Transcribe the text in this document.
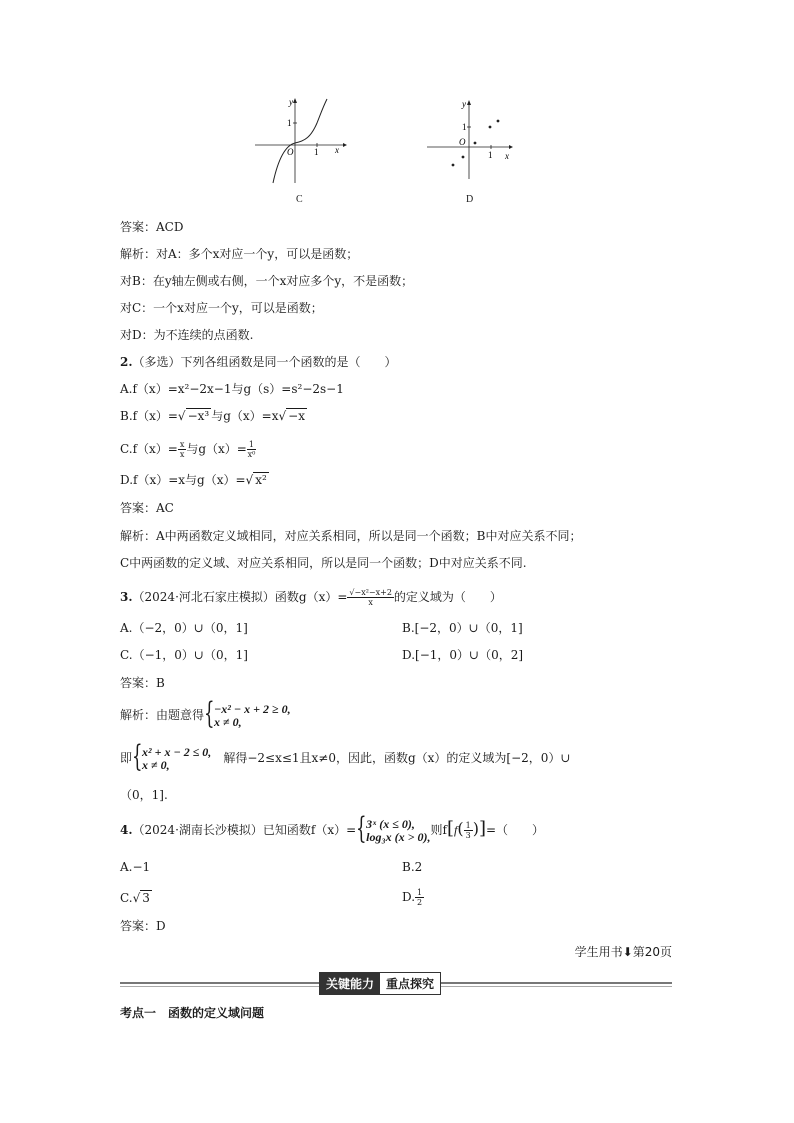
y
1
O 1 x
C
y
1
O
1 x
D
答案：ACD
解析：对A：多个x对应一个y，可以是函数；
对B：在y轴左侧或右侧，一个x对应多个y，不是函数；
对C：一个x对应一个y，可以是函数；
对D：为不连续的点函数.
2.（多选）下列各组函数是同一个函数的是（　　）
A.f（x）=x²−2x−1与g（s）=s²−2s−1
B.f（x）=√ −x³ 与g（x）=x√ −x
$C.f(x)= \frac{x}{x}$ 与$g(x)= \frac{1}{\text{x⁰}}$
D.f（x）=x与g（x）=√ x²
答案：AC
解析：A中两函数定义域相同，对应关系相同，所以是同一个函数；B中对应关系不同；
C中两函数的定义域、对应关系相同，所以是同一个函数；D中对应关系不同.
3.（2024·河北石家庄模拟）函数$g(x)= \frac{\text{√−x²−x+2}}{x}$ 的定义域为（　　）
A.（−2，0）∪（0，1]	B.[−2，0）∪（0，1]
C.（−1，0）∪（0，1]	D.[−1，0）∪（0，2]
答案：B
解析：由题意得 { −x² − x + 2 ≥ 0,
x ≠ 0,
即 { x² + x − 2 ≤ 0,
x ≠ 0,
　	解得−2≤x≤1且x≠0，因此，函数g（x）的定义域为[−2，0）∪
（0，1].
4.（2024·湖南长沙模拟）已知函数f（x）= { 3ˣ (x ≤ 0),
log₃x (x > 0), 则$f[f( \frac{1}{3}$ )]=（　　）
A.−1	B.2
C.√ 3	D. $\frac{1}{2}$
答案：D
学生用书⬇第20页
关键能力	重点探究
考点一　函数的定义域问题
